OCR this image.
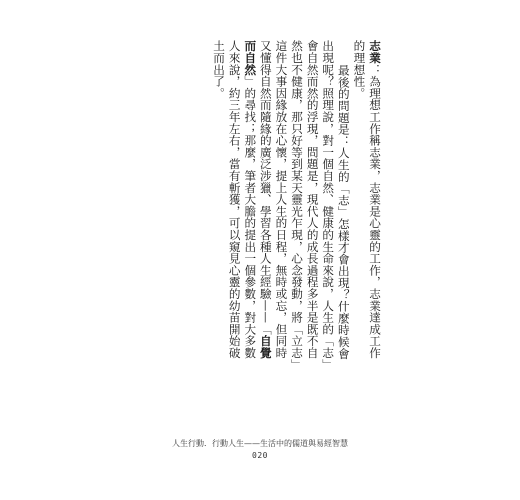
志業：為理想工作稱志業，志業是心靈的工作，志業達成工作的理想性。

最後的問題是：人生的「志」怎樣才會出現？什麼時候會出現呢？照理說，對一個自然、健康的生命來說，人生的「志」會自然而然的浮現，問題是，現代人的成長過程多半是既不自然也不健康，那只好等到某天靈光乍現，心念發動，將「立志」這件大事因緣放在心懷，提上人生的日程，無時或忘，但同時又懂得自然而隨緣的廣泛涉獵、學習各種人生經驗——「自覺而自然」的尋找；那麼，筆者大膽的提出一個參數，對大多數人來說，約三年左右，當有斬獲，可以窺見心靈的幼苗開始破土而出了。

人生行動．行動人生——生活中的儒道與易經智慧
020
